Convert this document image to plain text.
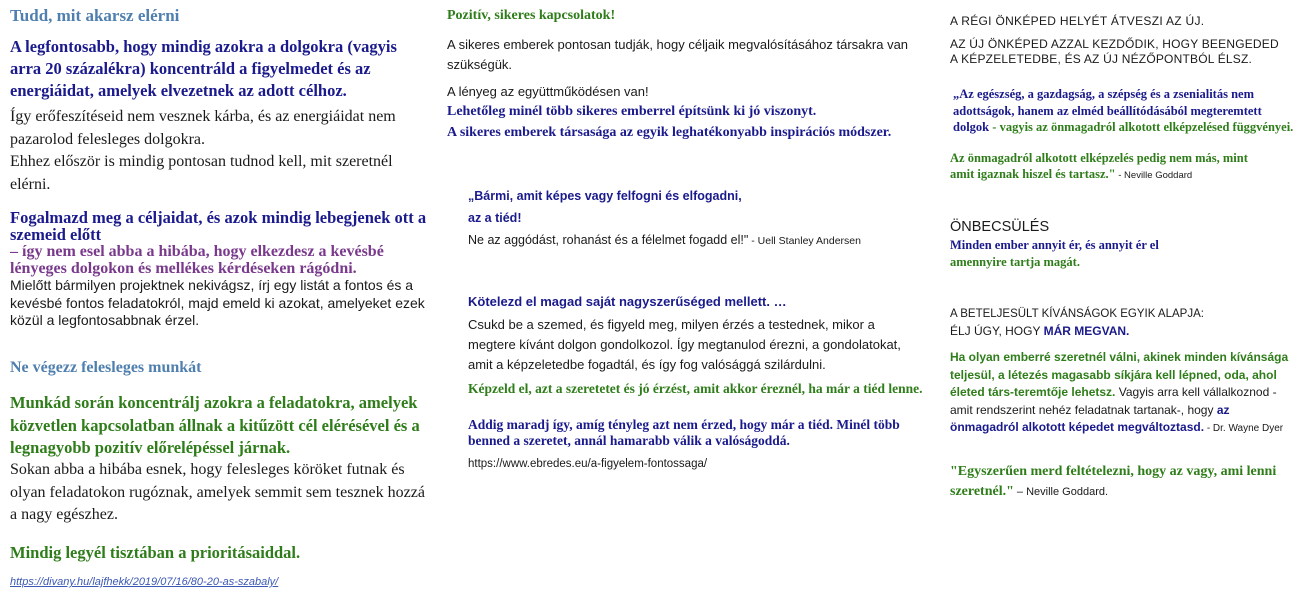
Tudd, mit akarsz elérni

A legfontosabb, hogy mindig azokra a dolgokra (vagyis arra 20 százalékra) koncentráld a figyelmedet és az energiáidat, amelyek elvezetnek az adott célhoz.

Így erőfeszítéseid nem vesznek kárba, és az energiáidat nem pazarolod felesleges dolgokra.

Ehhez először is mindig pontosan tudnod kell, mit szeretnél elérni.

Fogalmazd meg a céljaidat, és azok mindig lebegjenek ott a szemeid előtt

– így nem esel abba a hibába, hogy elkezdesz a kevésbé lényeges dolgokon és mellékes kérdéseken rágódni.

Mielőtt bármilyen projektnek nekivágsz, írj egy listát a fontos és a kevésbé fontos feladatokról, majd emeld ki azokat, amelyeket ezek közül a legfontosabbnak érzel.

Ne végezz felesleges munkát

Munkád során koncentrálj azokra a feladatokra, amelyek közvetlen kapcsolatban állnak a kitűzött cél elérésével és a legnagyobb pozitív előrelépéssel járnak.

Sokan abba a hibába esnek, hogy felesleges köröket futnak és olyan feladatokon rugóznak, amelyek semmit sem tesznek hozzá a nagy egészhez.

Mindig legyél tisztában a prioritásaiddal.
https://divany.hu/lajfhekk/2019/07/16/80-20-as-szabaly/
Pozitív, sikeres kapcsolatok!

A sikeres emberek pontosan tudják, hogy céljaik megvalósításához társakra van szükségük.

A lényeg az együttműködésen van!
Lehetőleg minél több sikeres emberrel építsünk ki jó viszonyt.
A sikeres emberek társasága az egyik leghatékonyabb inspirációs módszer.
„Bármi, amit képes vagy felfogni és elfogadni,
az a tiéd!
Ne az aggódást, rohanást és a félelmet fogadd el!" - Uell Stanley Andersen
Kötelezd el magad saját nagyszerűséged mellett. …

Csukd be a szemed, és figyeld meg, milyen érzés a testednek, mikor a megtere kívánt dolgon gondolkozol. Így megtanulod érezni, a gondolatokat, amit a képzeletedbe fogadtál, és így fog valósággá szilárdulni.

Képzeld el, azt a szeretetet és jó érzést, amit akkor éreznél, ha már a tiéd lenne.

Addig maradj így, amíg tényleg azt nem érzed, hogy már a tiéd. Minél több benned a szeretet, annál hamarabb válik a valóságoddá.

https://www.ebredes.eu/a-figyelem-fontossaga/
A RÉGI ÖNKÉPED HELYÉT ÁTVESZI AZ ÚJ.
AZ ÚJ ÖNKÉPED AZZAL KEZDŐDIK, HOGY BEENGEDED
A KÉPZELETEDBE, ÉS AZ ÚJ NÉZŐPONTBÓL ÉLSZ.

„Az egészség, a gazdagság, a szépség és a zsenialitás nem adottságok, hanem az elméd beállítódásából megteremtett dolgok - vagyis az önmagadról alkotott elképzelésed függvényei.

Az önmagadról alkotott elképzelés pedig nem más, mint amit igaznak hiszel és tartasz." - Neville Goddard

ÖNBECSÜLÉS
Minden ember annyit ér, és annyit ér el
amennyire tartja magát.
A BETELJESÜLT KÍVÁNSÁGOK EGYIK ALAPJA:
ÉLJ ÚGY, HOGY MÁR MEGVAN.

Ha olyan emberré szeretnél válni, akinek minden kívánsága teljesül, a létezés magasabb síkjára kell lépned, oda, ahol életed társ-teremtője lehetsz. Vagyis arra kell vállalkoznod - amit rendszerint nehéz feladatnak tartanak-, hogy az önmagadról alkotott képedet megváltoztasd. - Dr. Wayne Dyer

"Egyszerűen merd feltételezni, hogy az vagy, ami lenni szeretnél." – Neville Goddard.
